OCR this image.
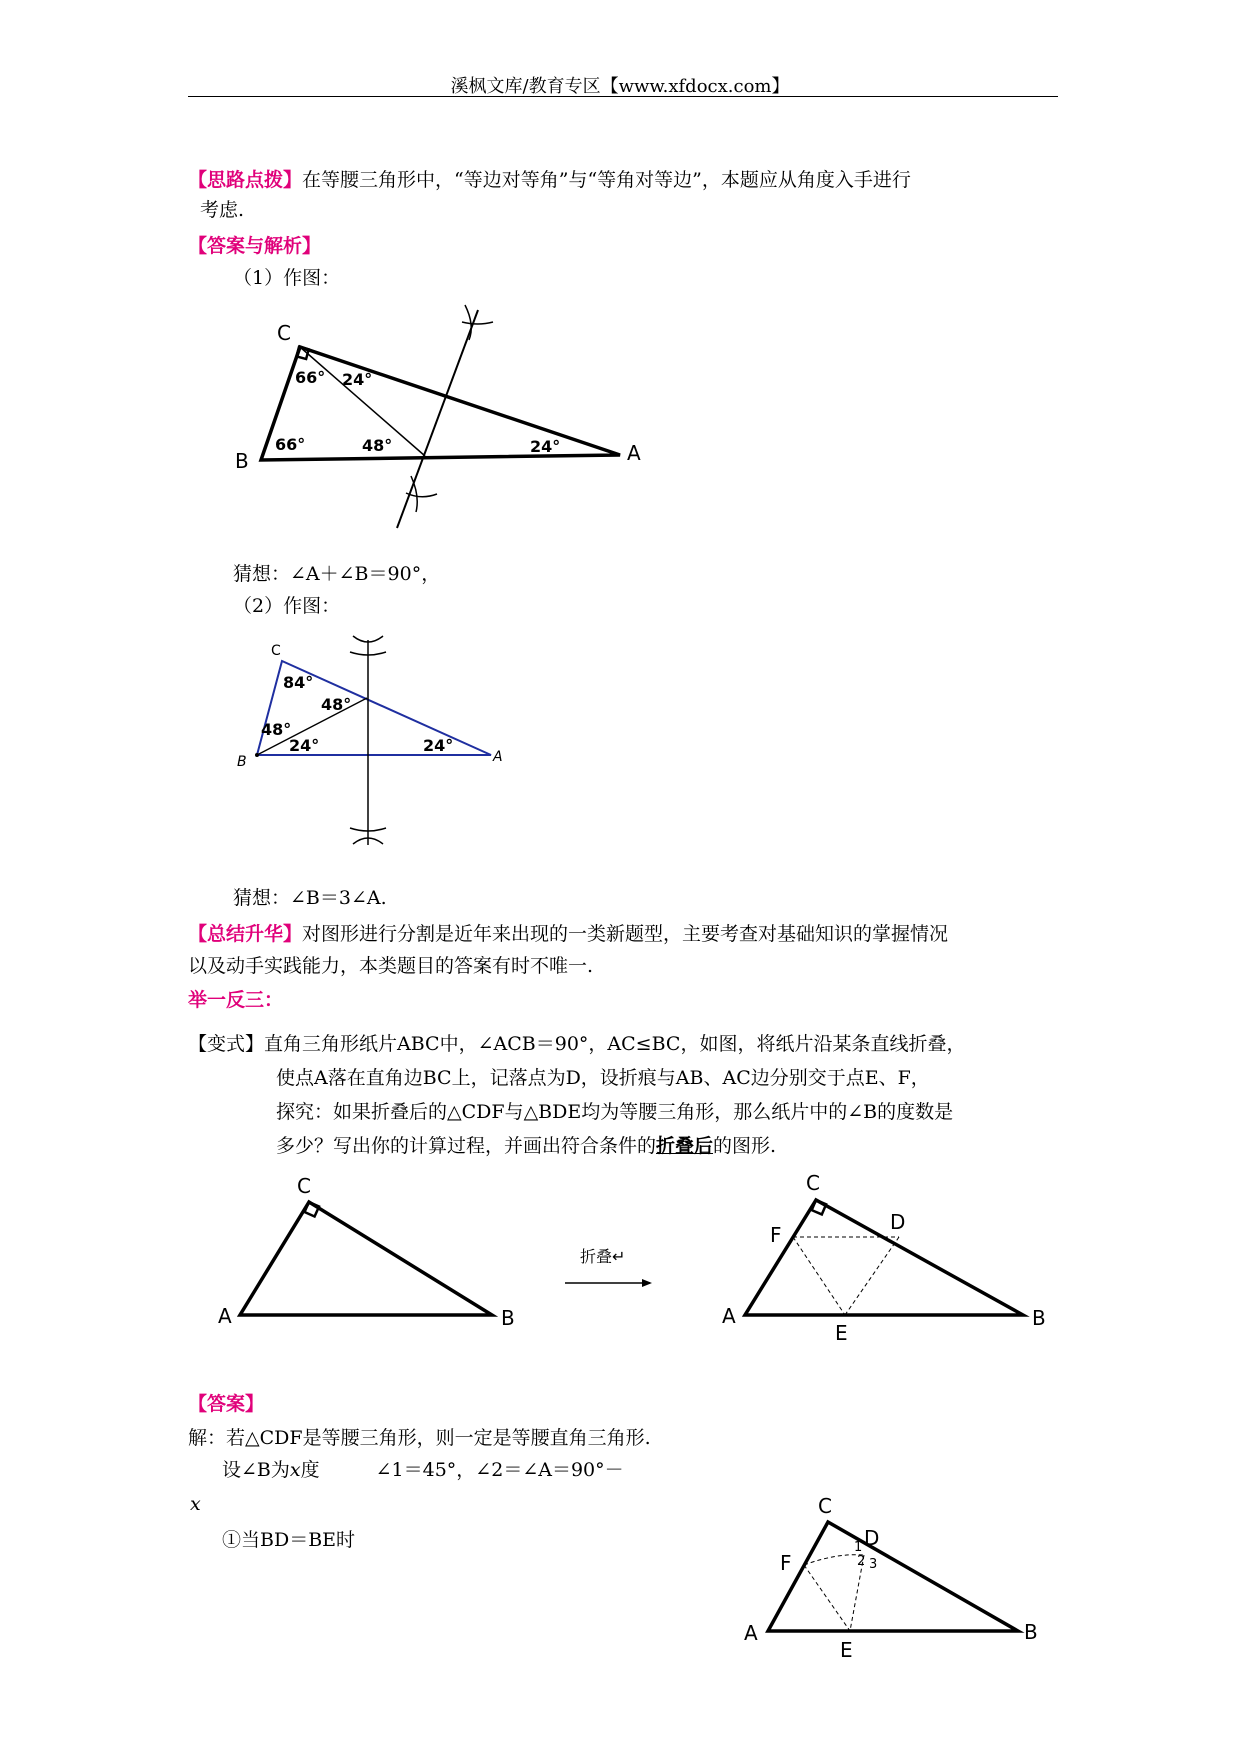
溪枫文库/教育专区【www.xfdocx.com】
【思路点拨】在等腰三角形中，“等边对等角”与“等角对等边”，本题应从角度入手进行
考虑.
【答案与解析】
（1）作图：
C
B	A
66° 24°
66°	48°	24°
猜想：∠A＋∠B＝90°，
（2）作图：
C
B	A
84°
48°
48°
24°	24°
猜想：∠B＝3∠A.
【总结升华】对图形进行分割是近年来出现的一类新题型，主要考查对基础知识的掌握情况
以及动手实践能力，本类题目的答案有时不唯一.
举一反三：
【变式】直角三角形纸片ABC中，∠ACB＝90°，AC≤BC，如图，将纸片沿某条直线折叠，
使点A落在直角边BC上，记落点为D，设折痕与AB、AC边分别交于点E、F，
探究：如果折叠后的△CDF与△BDE均为等腰三角形，那么纸片中的∠B的度数是
多少？写出你的计算过程，并画出符合条件的折叠后的图形.
C
A	B
折叠↵
C
F
D
A
E
B
【答案】
解：若△CDF是等腰三角形，则一定是等腰直角三角形.
设∠B为x度	∠1＝45°，∠2＝∠A＝90°－
x
①当BD＝BE时
C
F
D
A
E
B
1
2 3
